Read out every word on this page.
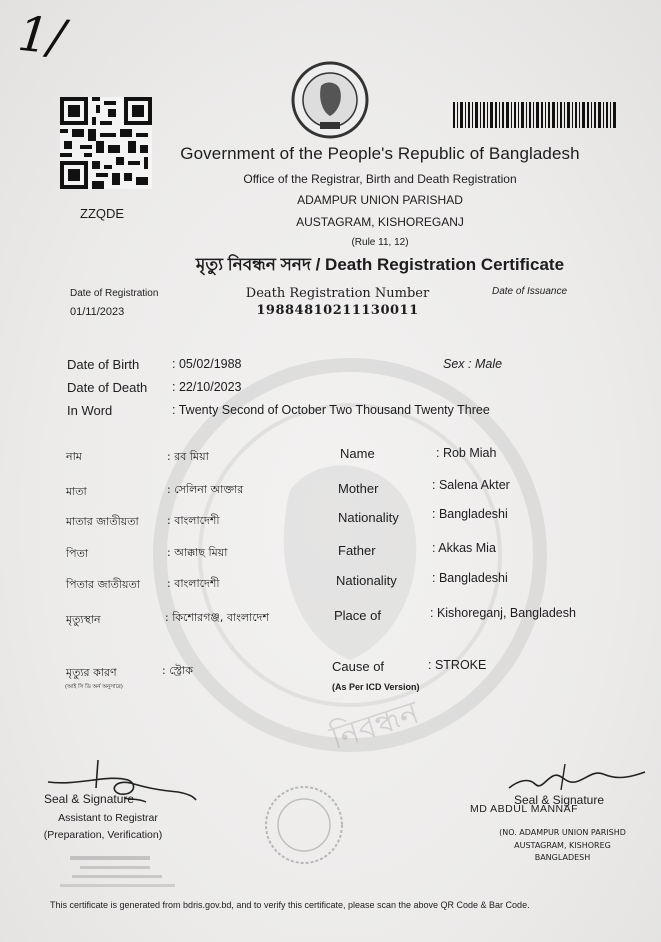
নিবন্ধন
1/
ZZQDE
Government of the People's Republic of Bangladesh
Office of the Registrar, Birth and Death Registration
ADAMPUR UNION PARISHAD
AUSTAGRAM, KISHOREGANJ
(Rule 11, 12)
মৃত্যু নিবন্ধন সনদ / Death Registration Certificate
Date of Registration
01/11/2023
Death Registration Number
19884810211130011
Date of Issuance
Date of Birth	: 05/02/1988	Sex : Male
Date of Death : 22/10/2023
In Word	: Twenty Second of October Two Thousand Twenty Three
নাম	: রব মিয়া	Name	: Rob Miah
মাতা	: সেলিনা আক্তার	Mother	: Salena Akter
মাতার জাতীয়তা	: বাংলাদেশী	Nationality	: Bangladeshi
পিতা	: আক্কাছ মিয়া	Father	: Akkas Mia
পিতার জাতীয়তা : বাংলাদেশী	Nationality	: Bangladeshi
মৃত্যুস্থান	: কিশোরগঞ্জ, বাংলাদেশ	Place of	: Kishoreganj, Bangladesh
মৃত্যুর কারণ	: স্ট্রোক	Cause of	: STROKE
(আই সি ডি অর্ন অনুসারে)	(As Per ICD Version)
Seal & Signature
Assistant to Registrar
(Preparation, Verification)
Seal & Signature
MD ABDUL MANNAF
(NO. ADAMPUR UNION PARISHD
AUSTAGRAM, KISHOREG
BANGLADESH
This certificate is generated from bdris.gov.bd, and to verify this certificate, please scan the above QR Code & Bar Code.
